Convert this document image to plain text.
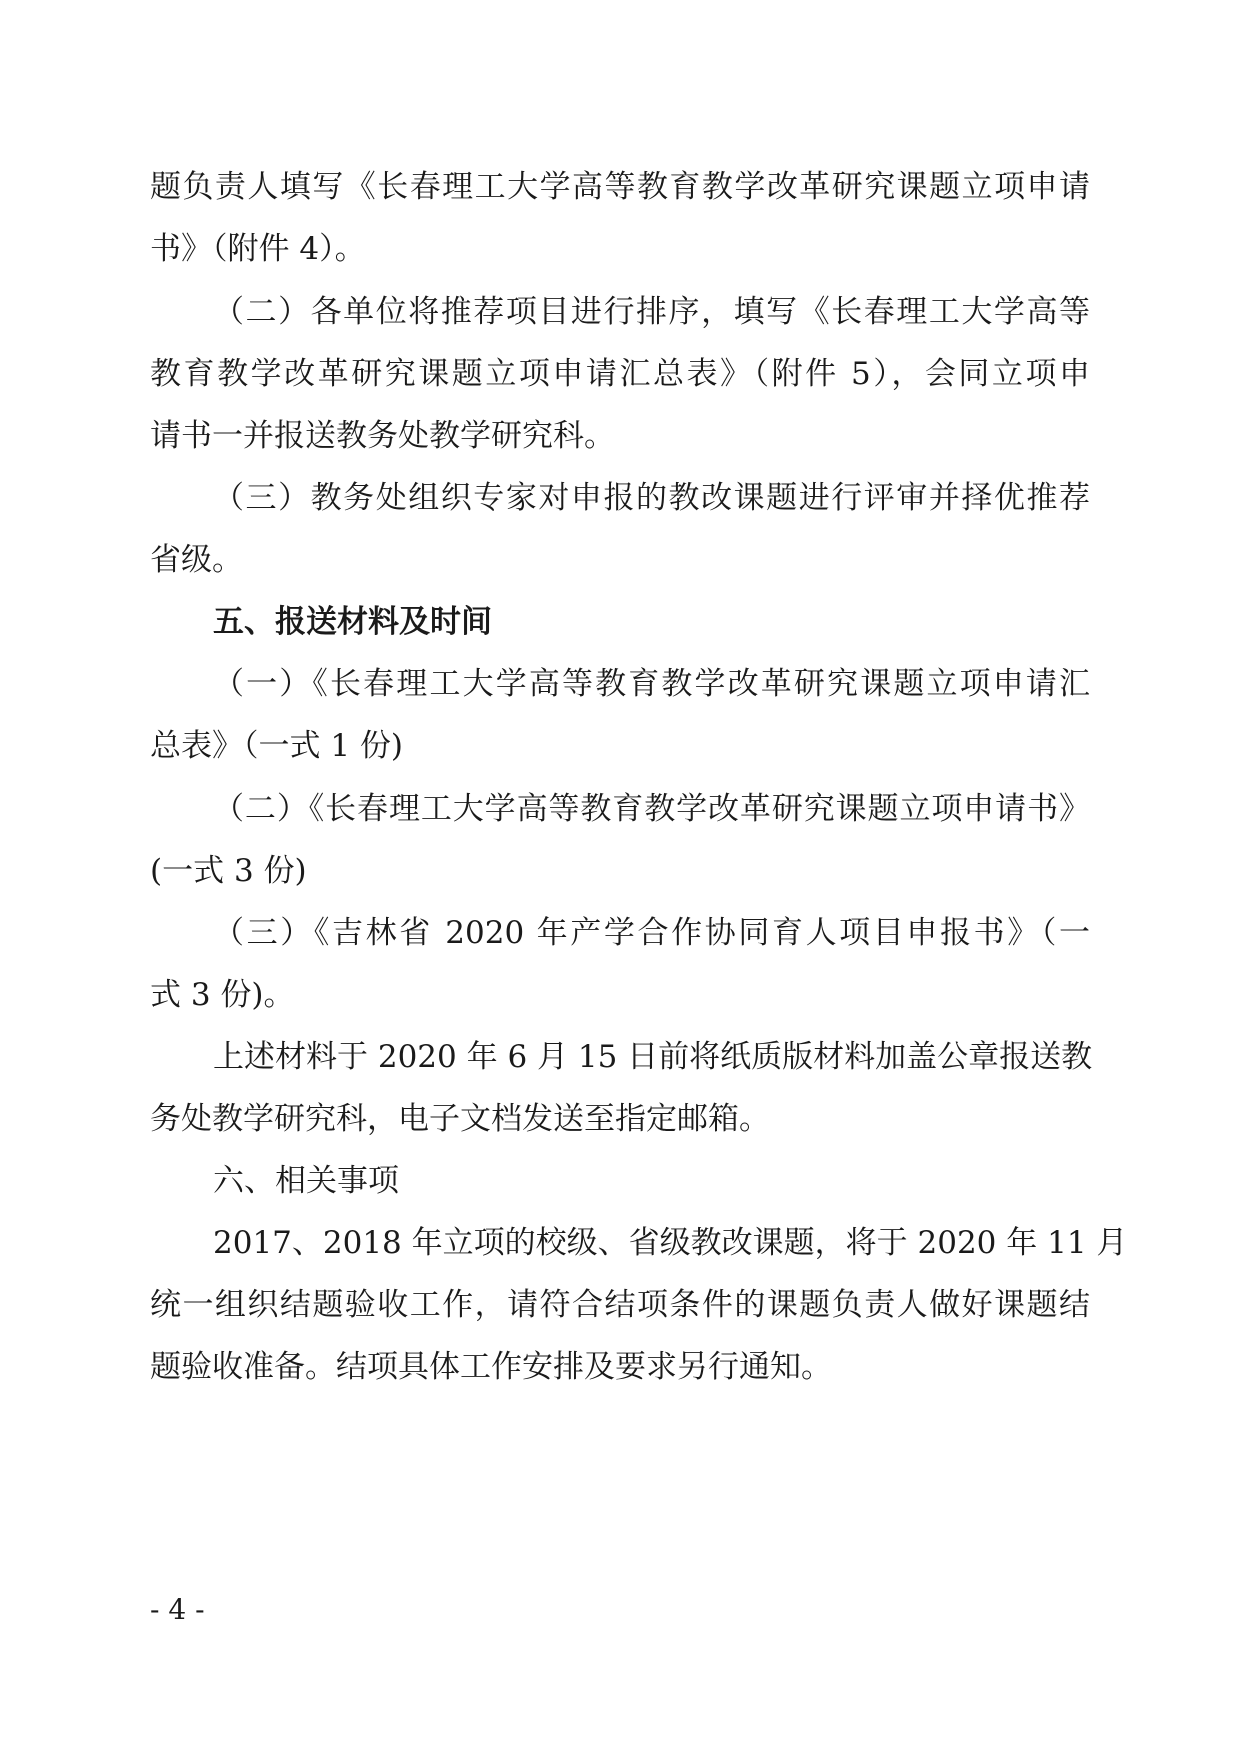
题负责人填写《长春理工大学高等教育教学改革研究课题立项申请
书》（附件 4）。
（二）各单位将推荐项目进行排序，填写《长春理工大学高等
教育教学改革研究课题立项申请汇总表》（附件 5），会同立项申
请书一并报送教务处教学研究科。
（三）教务处组织专家对申报的教改课题进行评审并择优推荐
省级。
五、报送材料及时间
（一）《长春理工大学高等教育教学改革研究课题立项申请汇
总表》（一式 1 份)
（二）《长春理工大学高等教育教学改革研究课题立项申请书》
(一式 3 份)
（三）《吉林省 2020 年产学合作协同育人项目申报书》（一
式 3 份)。
上述材料于 2020 年 6 月 15 日前将纸质版材料加盖公章报送教
务处教学研究科，电子文档发送至指定邮箱。
六、相关事项
2017、2018 年立项的校级、省级教改课题，将于 2020 年 11 月
统一组织结题验收工作，请符合结项条件的课题负责人做好课题结
题验收准备。结项具体工作安排及要求另行通知。
- 4 -
